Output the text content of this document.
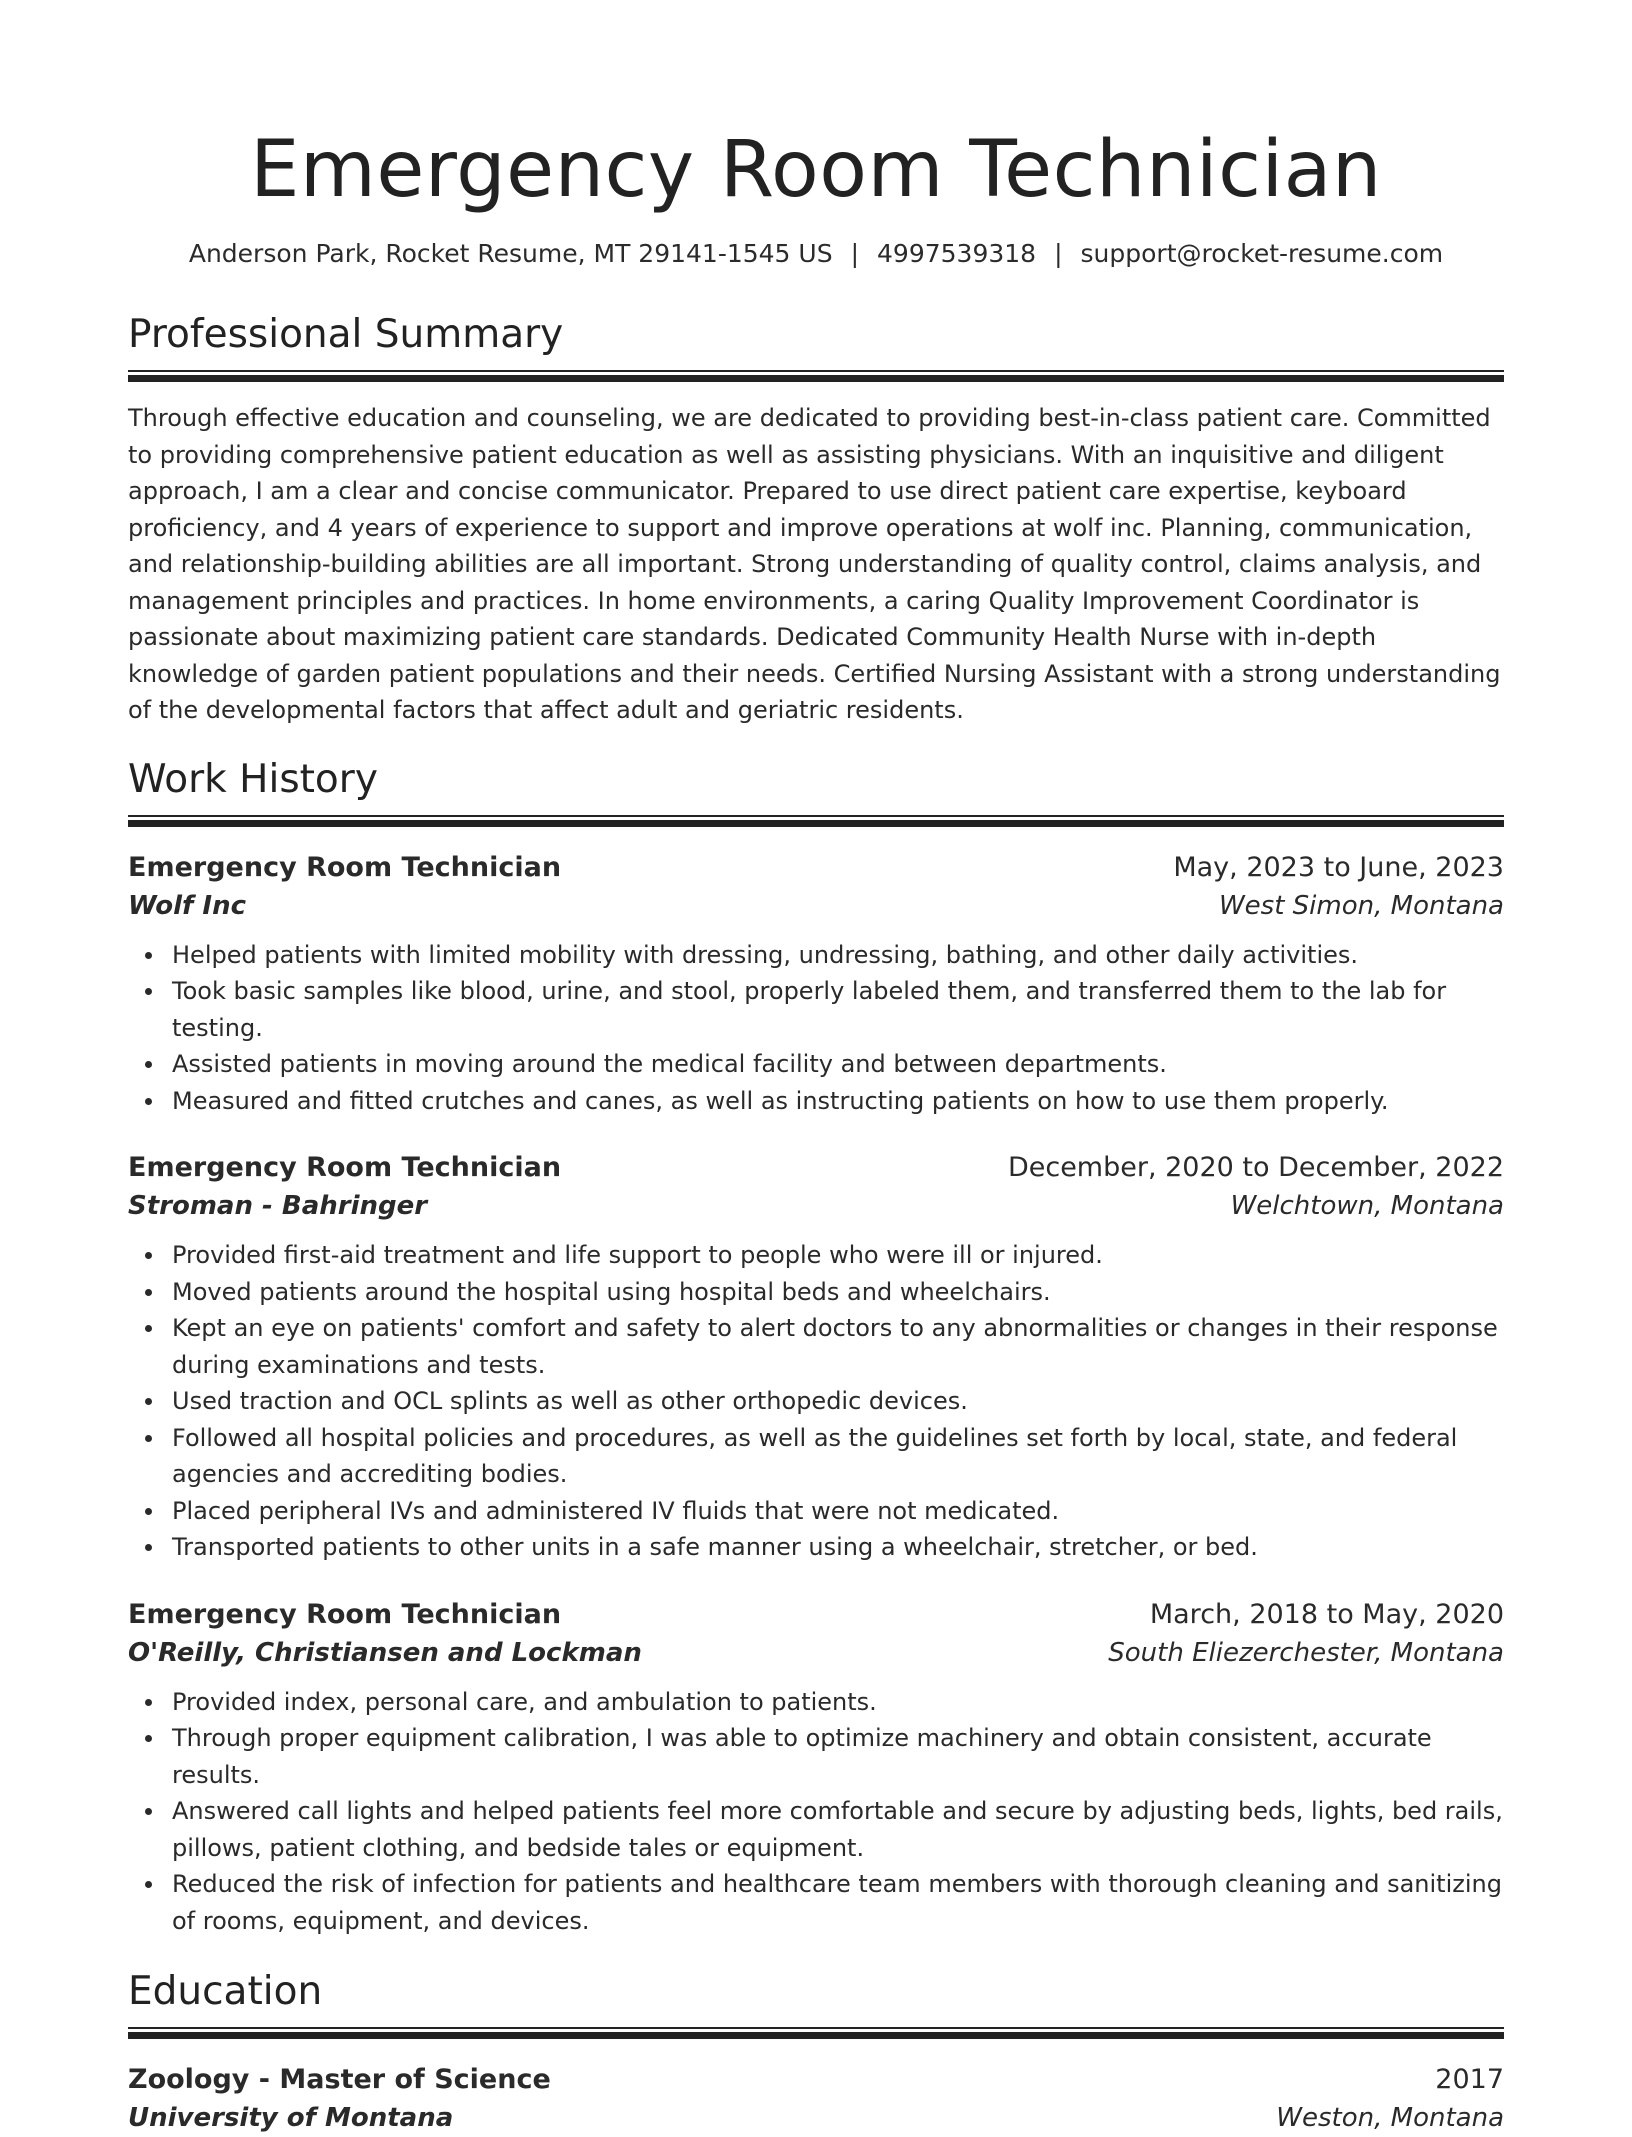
Emergency Room Technician
Anderson Park, Rocket Resume, MT 29141-1545 US | 4997539318 | support@rocket-resume.com
Professional Summary

Through effective education and counseling, we are dedicated to providing best-in-class patient care. Committed to providing comprehensive patient education as well as assisting physicians. With an inquisitive and diligent approach, I am a clear and concise communicator. Prepared to use direct patient care expertise, keyboard proficiency, and 4 years of experience to support and improve operations at wolf inc. Planning, communication, and relationship-building abilities are all important. Strong understanding of quality control, claims analysis, and management principles and practices. In home environments, a caring Quality Improvement Coordinator is passionate about maximizing patient care standards. Dedicated Community Health Nurse with in-depth knowledge of garden patient populations and their needs. Certified Nursing Assistant with a strong understanding of the developmental factors that affect adult and geriatric residents.

Work History
Emergency Room Technician	May, 2023 to June, 2023
Wolf Inc	West Simon, Montana
Helped patients with limited mobility with dressing, undressing, bathing, and other daily activities.
Took basic samples like blood, urine, and stool, properly labeled them, and transferred them to the lab for testing.
Assisted patients in moving around the medical facility and between departments.
Measured and fitted crutches and canes, as well as instructing patients on how to use them properly.
Emergency Room Technician	December, 2020 to December, 2022
Stroman - Bahringer	Welchtown, Montana
Provided first-aid treatment and life support to people who were ill or injured.
Moved patients around the hospital using hospital beds and wheelchairs.
Kept an eye on patients' comfort and safety to alert doctors to any abnormalities or changes in their response during examinations and tests.
Used traction and OCL splints as well as other orthopedic devices.
Followed all hospital policies and procedures, as well as the guidelines set forth by local, state, and federal agencies and accrediting bodies.
Placed peripheral IVs and administered IV fluids that were not medicated.
Transported patients to other units in a safe manner using a wheelchair, stretcher, or bed.
Emergency Room Technician	March, 2018 to May, 2020
O'Reilly, Christiansen and Lockman	South Eliezerchester, Montana
Provided index, personal care, and ambulation to patients.
Through proper equipment calibration, I was able to optimize machinery and obtain consistent, accurate results.
Answered call lights and helped patients feel more comfortable and secure by adjusting beds, lights, bed rails, pillows, patient clothing, and bedside tales or equipment.
Reduced the risk of infection for patients and healthcare team members with thorough cleaning and sanitizing of rooms, equipment, and devices.
Education
Zoology - Master of Science	2017
University of Montana	Weston, Montana
